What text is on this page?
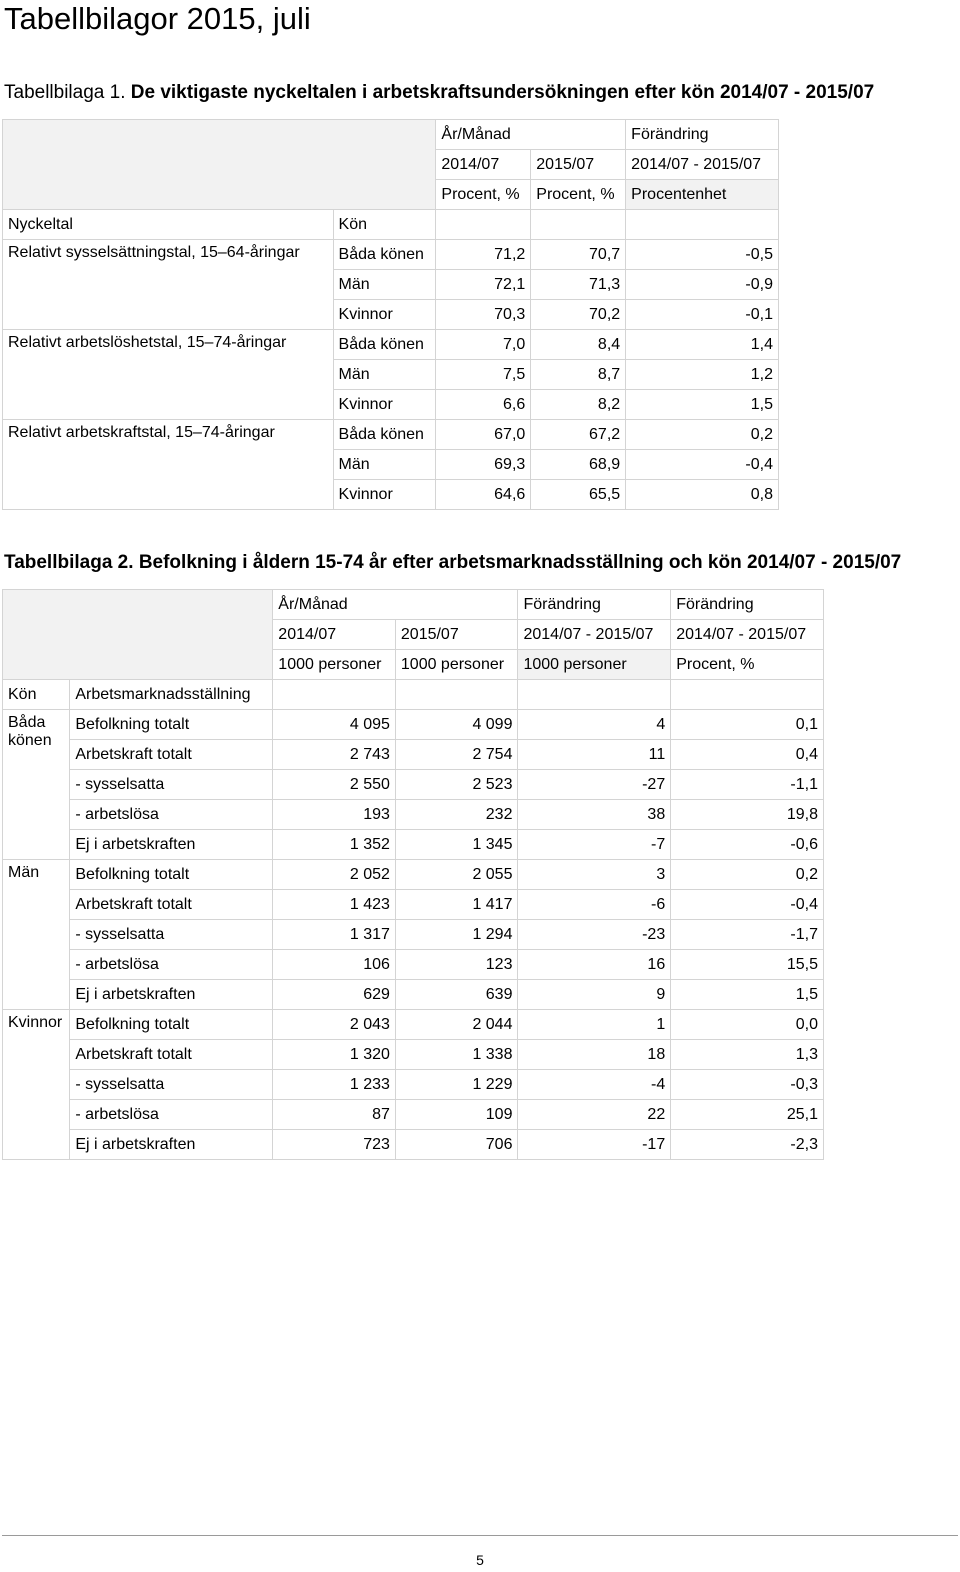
Tabellbilagor 2015, juli

Tabellbilaga 1. De viktigaste nyckeltalen i arbetskraftsundersökningen efter kön 2014/07 - 2015/07

		År/Månad		Förändring
		2014/07	2015/07	2014/07 - 2015/07
		Procent, %	Procent, %	Procentenhet
Nyckeltal	Kön			
Relativt sysselsättningstal, 15–64-åringar	Båda könen	71,2	70,7	-0,5
	Män	72,1	71,3	-0,9
	Kvinnor	70,3	70,2	-0,1
Relativt arbetslöshetstal, 15–74-åringar	Båda könen	7,0	8,4	1,4
	Män	7,5	8,7	1,2
	Kvinnor	6,6	8,2	1,5
Relativt arbetskraftstal, 15–74-åringar	Båda könen	67,0	67,2	0,2
	Män	69,3	68,9	-0,4
	Kvinnor	64,6	65,5	0,8

Tabellbilaga 2. Befolkning i åldern 15-74 år efter arbetsmarknadsställning och kön 2014/07 - 2015/07

		År/Månad		Förändring	Förändring
		2014/07	2015/07	2014/07 - 2015/07	2014/07 - 2015/07
		1000 personer	1000 personer	1000 personer	Procent, %
Kön	Arbetsmarknadsställning				
Båda könen	Befolkning totalt	4 095	4 099	4	0,1
	Arbetskraft totalt	2 743	2 754	11	0,4
	- sysselsatta	2 550	2 523	-27	-1,1
	- arbetslösa	193	232	38	19,8
	Ej i arbetskraften	1 352	1 345	-7	-0,6
Män	Befolkning totalt	2 052	2 055	3	0,2
	Arbetskraft totalt	1 423	1 417	-6	-0,4
	- sysselsatta	1 317	1 294	-23	-1,7
	- arbetslösa	106	123	16	15,5
	Ej i arbetskraften	629	639	9	1,5
Kvinnor	Befolkning totalt	2 043	2 044	1	0,0
	Arbetskraft totalt	1 320	1 338	18	1,3
	- sysselsatta	1 233	1 229	-4	-0,3
	- arbetslösa	87	109	22	25,1
	Ej i arbetskraften	723	706	-17	-2,3
5
